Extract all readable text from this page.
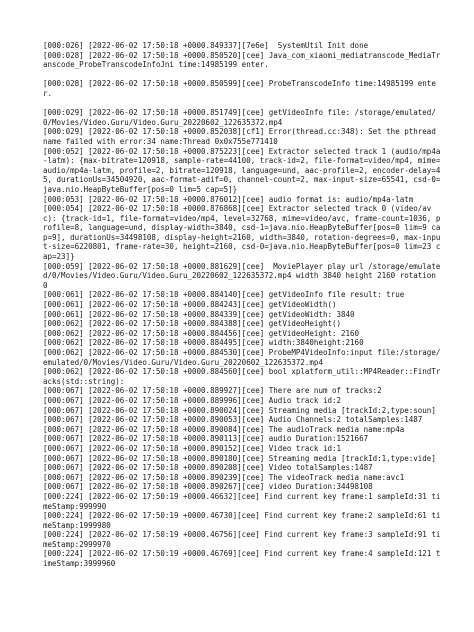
[000:026] [2022-06-02 17:50:18 +0000.849337][7e6e]  SystemUtil Init done
[000:028] [2022-06-02 17:50:18 +0000.850520][cee] Java_com_xiaomi_mediatranscode_MediaTranscode_ProbeTranscodeInfoJni time:14985199 enter.
[000:028] [2022-06-02 17:50:18 +0000.850599][cee] ProbeTranscodeInfo time:14985199 enter.
[000:029] [2022-06-02 17:50:18 +0000.851749][cee] getVideoInfo file: /storage/emulated/0/Movies/Video.Guru/Video.Guru_20220602_122635372.mp4
[000:029] [2022-06-02 17:50:18 +0000.852038][cf1] Error(thread.cc:348): Set the pthread name failed with error:34 name:Thread 0x0x755e771410
[000:052] [2022-06-02 17:50:18 +0000.875223][cee] Extractor selected track 1 (audio/mp4a-latm): {max-bitrate=120918, sample-rate=44100, track-id=2, file-format=video/mp4, mime=audio/mp4a-latm, profile=2, bitrate=120918, language=und, aac-profile=2, encoder-delay=45, durationUs=34504920, aac-format-adif=0, channel-count=2, max-input-size=65541, csd-0=java.nio.HeapByteBuffer[pos=0 lim=5 cap=5]}
[000:053] [2022-06-02 17:50:18 +0000.876012][cee] audio format is: audio/mp4a-latm
[000:054] [2022-06-02 17:50:18 +0000.876868][cee] Extractor selected track 0 (video/avc): {track-id=1, file-format=video/mp4, level=32768, mime=video/avc, frame-count=1036, profile=8, language=und, display-width=3840, csd-1=java.nio.HeapByteBuffer[pos=0 lim=9 cap=9], durationUs=34498108, display-height=2160, width=3840, rotation-degrees=0, max-input-size=6220801, frame-rate=30, height=2160, csd-0=java.nio.HeapByteBuffer[pos=0 lim=23 cap=23]}
[000:059] [2022-06-02 17:50:18 +0000.881629][cee]  MoviePlayer play url /storage/emulated/0/Movies/Video.Guru/Video.Guru_20220602_122635372.mp4 width 3840 height 2160 rotation 0
[000:061] [2022-06-02 17:50:18 +0000.884140][cee] getVideoInfo file result: true
[000:061] [2022-06-02 17:50:18 +0000.884243][cee] getVideoWidth()
[000:061] [2022-06-02 17:50:18 +0000.884339][cee] getVideoWidth: 3840
[000:062] [2022-06-02 17:50:18 +0000.884388][cee] getVideoHeight()
[000:062] [2022-06-02 17:50:18 +0000.884456][cee] getVideoHeight: 2160
[000:062] [2022-06-02 17:50:18 +0000.884495][cee] width:3840height:2160
[000:062] [2022-06-02 17:50:18 +0000.884530][cee] ProbeMP4VideoInfo:input file:/storage/emulated/0/Movies/Video.Guru/Video.Guru_20220602_122635372.mp4
[000:062] [2022-06-02 17:50:18 +0000.884560][cee] bool xplatform_util::MP4Reader::FindTracks(std::string):
[000:067] [2022-06-02 17:50:18 +0000.889927][cee] There are num of tracks:2
[000:067] [2022-06-02 17:50:18 +0000.889996][cee] Audio track id:2
[000:067] [2022-06-02 17:50:18 +0000.890024][cee] Streaming media [trackId:2,type:soun]
[000:067] [2022-06-02 17:50:18 +0000.890053][cee] Audio Channels:2 totalSamples:1487
[000:067] [2022-06-02 17:50:18 +0000.890084][cee] The audioTrack media name:mp4a
[000:067] [2022-06-02 17:50:18 +0000.890113][cee] audio Duration:1521667
[000:067] [2022-06-02 17:50:18 +0000.890152][cee] Video track id:1
[000:067] [2022-06-02 17:50:18 +0000.890180][cee] Streaming media [trackId:1,type:vide]
[000:067] [2022-06-02 17:50:18 +0000.890208][cee] Video totalSamples:1487
[000:067] [2022-06-02 17:50:18 +0000.890239][cee] The videoTrack media name:avc1
[000:067] [2022-06-02 17:50:18 +0000.890267][cee] video Duration:34498108
[000:224] [2022-06-02 17:50:19 +0000.46632][cee] Find current key frame:1 sampleId:31 timeStamp:999990
[000:224] [2022-06-02 17:50:19 +0000.46730][cee] Find current key frame:2 sampleId:61 timeStamp:1999980
[000:224] [2022-06-02 17:50:19 +0000.46756][cee] Find current key frame:3 sampleId:91 timeStamp:2999970
[000:224] [2022-06-02 17:50:19 +0000.46769][cee] Find current key frame:4 sampleId:121 timeStamp:3999960
